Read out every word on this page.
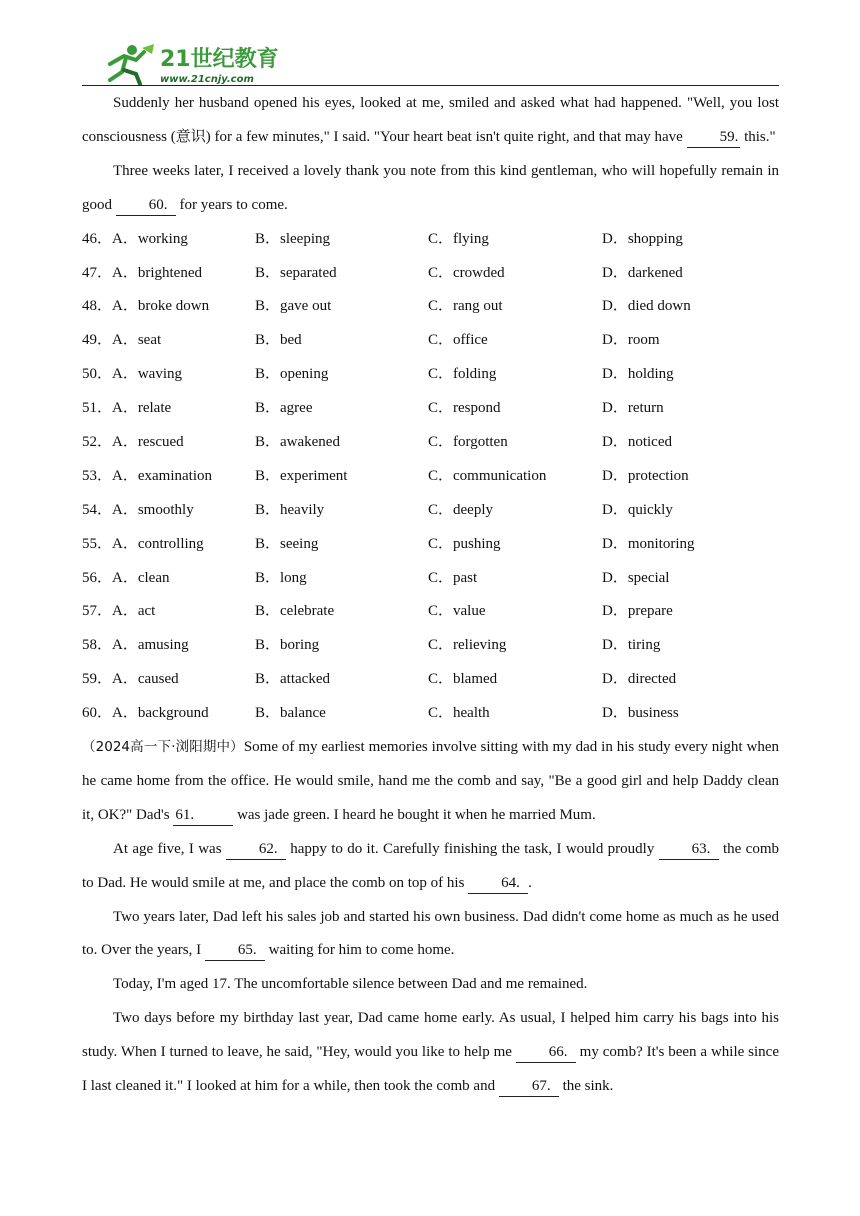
21世纪教育
www.21cnjy.com

Suddenly her husband opened his eyes, looked at me, smiled and asked what had happened. "Well, you lost consciousness (意识) for a few minutes," I said. "Your heart beat isn't quite right, and that may have 59. this."

Three weeks later, I received a lovely thank you note from this kind gentleman, who will hopefully remain in good 60. for years to come.

46．A．working	B．sleeping	C．flying	D．shopping
47．A．brightened	B．separated	C．crowded	D．darkened
48．A．broke down	B．gave out	C．rang out	D．died down
49．A．seat	B．bed	C．office	D．room
50．A．waving	B．opening	C．folding	D．holding
51．A．relate	B．agree	C．respond	D．return
52．A．rescued	B．awakened	C．forgotten	D．noticed
53．A．examination	B．experiment	C．communication	D．protection
54．A．smoothly	B．heavily	C．deeply	D．quickly
55．A．controlling	B．seeing	C．pushing	D．monitoring
56．A．clean	B．long	C．past	D．special
57．A．act	B．celebrate	C．value	D．prepare
58．A．amusing	B．boring	C．relieving	D．tiring
59．A．caused	B．attacked	C．blamed	D．directed
60．A．background	B．balance	C．health	D．business

（2024高一下·浏阳期中）Some of my earliest memories involve sitting with my dad in his study every night when he came home from the office. He would smile, hand me the comb and say, "Be a good girl and help Daddy clean it, OK?" Dad's 61.	was jade green. I heard he bought it when he married Mum.

At age five, I was 62. happy to do it. Carefully finishing the task, I would proudly 63. the comb to Dad. He would smile at me, and place the comb on top of his 64. .

Two years later, Dad left his sales job and started his own business. Dad didn't come home as much as he used to. Over the years, I 65. waiting for him to come home.

Today, I'm aged 17. The uncomfortable silence between Dad and me remained.

Two days before my birthday last year, Dad came home early. As usual, I helped him carry his bags into his study. When I turned to leave, he said, "Hey, would you like to help me 66. my comb? It's been a while since I last cleaned it." I looked at him for a while, then took the comb and 67. the sink.
